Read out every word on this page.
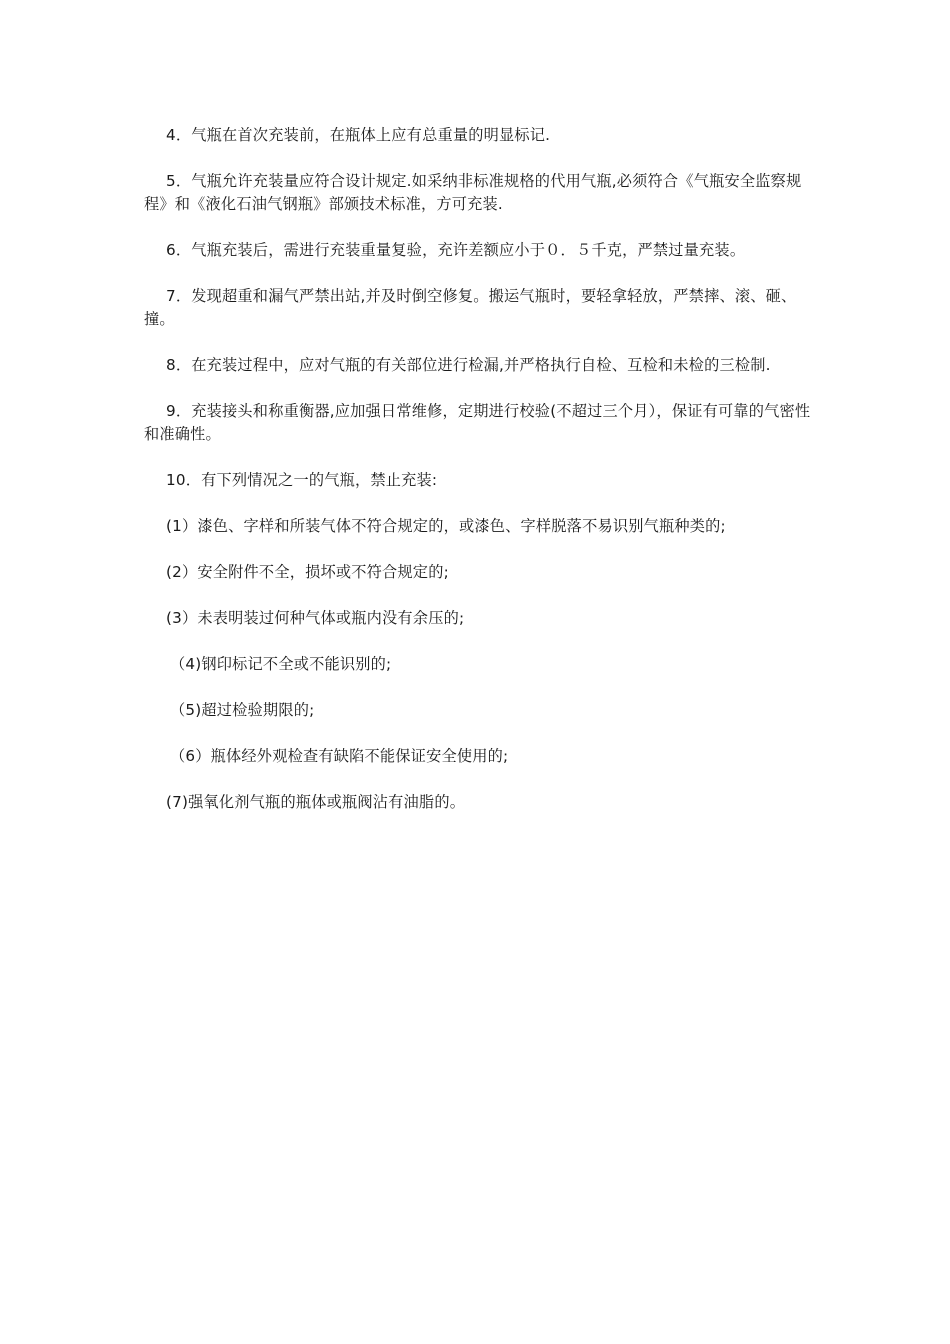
4．气瓶在首次充装前，在瓶体上应有总重量的明显标记.

5．气瓶允许充装量应符合设计规定.如采纳非标准规格的代用气瓶,必须符合《气瓶安全监察规程》和《液化石油气钢瓶》部颁技术标准，方可充装.

6．气瓶充装后，需进行充装重量复验，充许差额应小于０．５千克，严禁过量充装。

7．发现超重和漏气严禁出站,并及时倒空修复。搬运气瓶时，要轻拿轻放，严禁摔、滚、砸、撞。

8．在充装过程中，应对气瓶的有关部位进行检漏,并严格执行自检、互检和未检的三检制.

9．充装接头和称重衡器,应加强日常维修，定期进行校验(不超过三个月），保证有可靠的气密性和准确性。

10．有下列情况之一的气瓶，禁止充装:

(1）漆色、字样和所装气体不符合规定的，或漆色、字样脱落不易识别气瓶种类的;

(2）安全附件不全，损坏或不符合规定的;

(3）未表明装过何种气体或瓶内没有余压的;

（4)钢印标记不全或不能识别的;

（5)超过检验期限的;

（6）瓶体经外观检查有缺陷不能保证安全使用的;

(7)强氧化剂气瓶的瓶体或瓶阀沾有油脂的。
